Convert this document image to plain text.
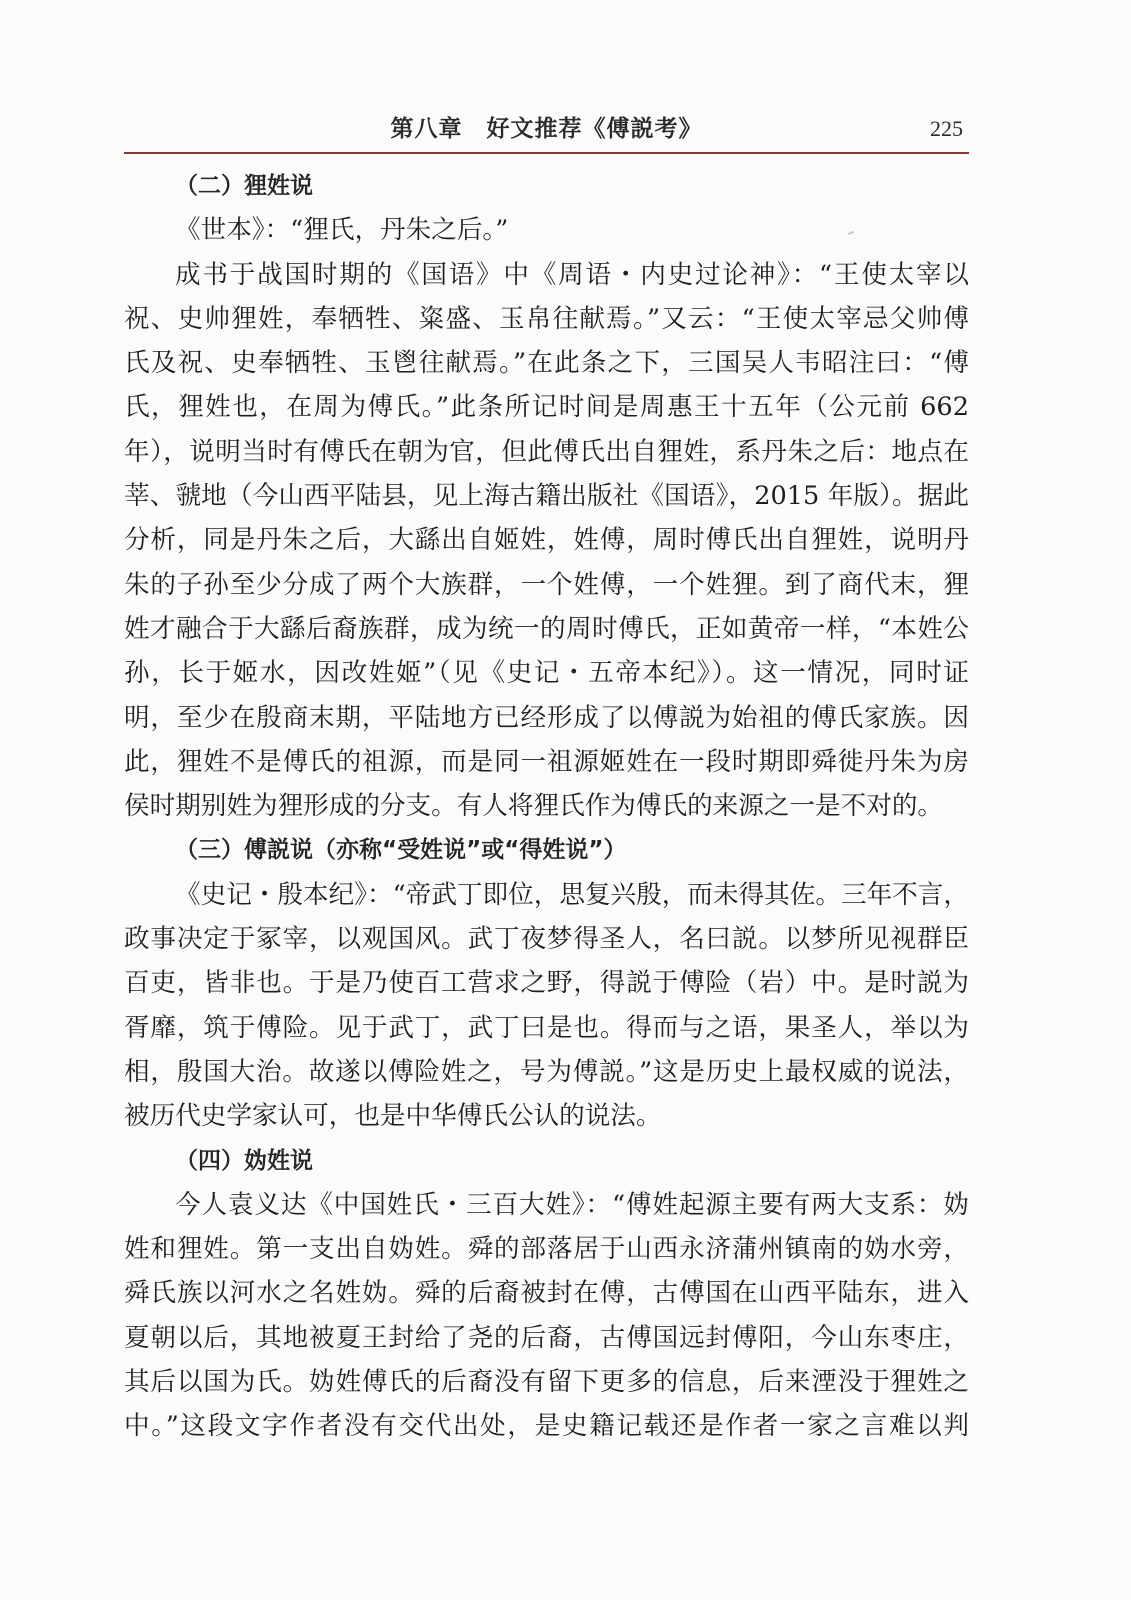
第八章　好文推荐《傅説考》	225
（二）狸姓说
《世本》：“狸氏，丹朱之后。”
成书于战国时期的《国语》中《周语・内史过论神》：“王使太宰以
祝、史帅狸姓，奉牺牲、粢盛、玉帛往献焉。”又云：“王使太宰忌父帅傅
氏及祝、史奉牺牲、玉鬯往献焉。”在此条之下，三国吴人韦昭注曰：“傅
氏，狸姓也，在周为傅氏。”此条所记时间是周惠王十五年（公元前 662
年），说明当时有傅氏在朝为官，但此傅氏出自狸姓，系丹朱之后：地点在
莘、虢地（今山西平陆县，见上海古籍出版社《国语》，2015 年版）。据此
分析，同是丹朱之后，大繇出自姬姓，姓傅，周时傅氏出自狸姓，说明丹
朱的子孙至少分成了两个大族群，一个姓傅，一个姓狸。到了商代末，狸
姓才融合于大繇后裔族群，成为统一的周时傅氏，正如黄帝一样，“本姓公
孙，长于姬水，因改姓姬”（见《史记・五帝本纪》）。这一情况，同时证
明，至少在殷商末期，平陆地方已经形成了以傅説为始祖的傅氏家族。因
此，狸姓不是傅氏的祖源，而是同一祖源姬姓在一段时期即舜徙丹朱为房
侯时期别姓为狸形成的分支。有人将狸氏作为傅氏的来源之一是不对的。
（三）傅説说（亦称“受姓说”或“得姓说”）
《史记・殷本纪》：“帝武丁即位，思复兴殷，而未得其佐。三年不言，
政事决定于冢宰，以观国风。武丁夜梦得圣人，名曰説。以梦所见视群臣
百吏，皆非也。于是乃使百工营求之野，得説于傅险（岩）中。是时説为
胥靡，筑于傅险。见于武丁，武丁曰是也。得而与之语，果圣人，举以为
相，殷国大治。故遂以傅险姓之，号为傅説。”这是历史上最权威的说法，
被历代史学家认可，也是中华傅氏公认的说法。
（四）妫姓说
今人袁义达《中国姓氏・三百大姓》：“傅姓起源主要有两大支系：妫
姓和狸姓。第一支出自妫姓。舜的部落居于山西永济蒲州镇南的妫水旁，
舜氏族以河水之名姓妫。舜的后裔被封在傅，古傅国在山西平陆东，进入
夏朝以后，其地被夏王封给了尧的后裔，古傅国远封傅阳，今山东枣庄，
其后以国为氏。妫姓傅氏的后裔没有留下更多的信息，后来湮没于狸姓之
中。”这段文字作者没有交代出处，是史籍记载还是作者一家之言难以判
